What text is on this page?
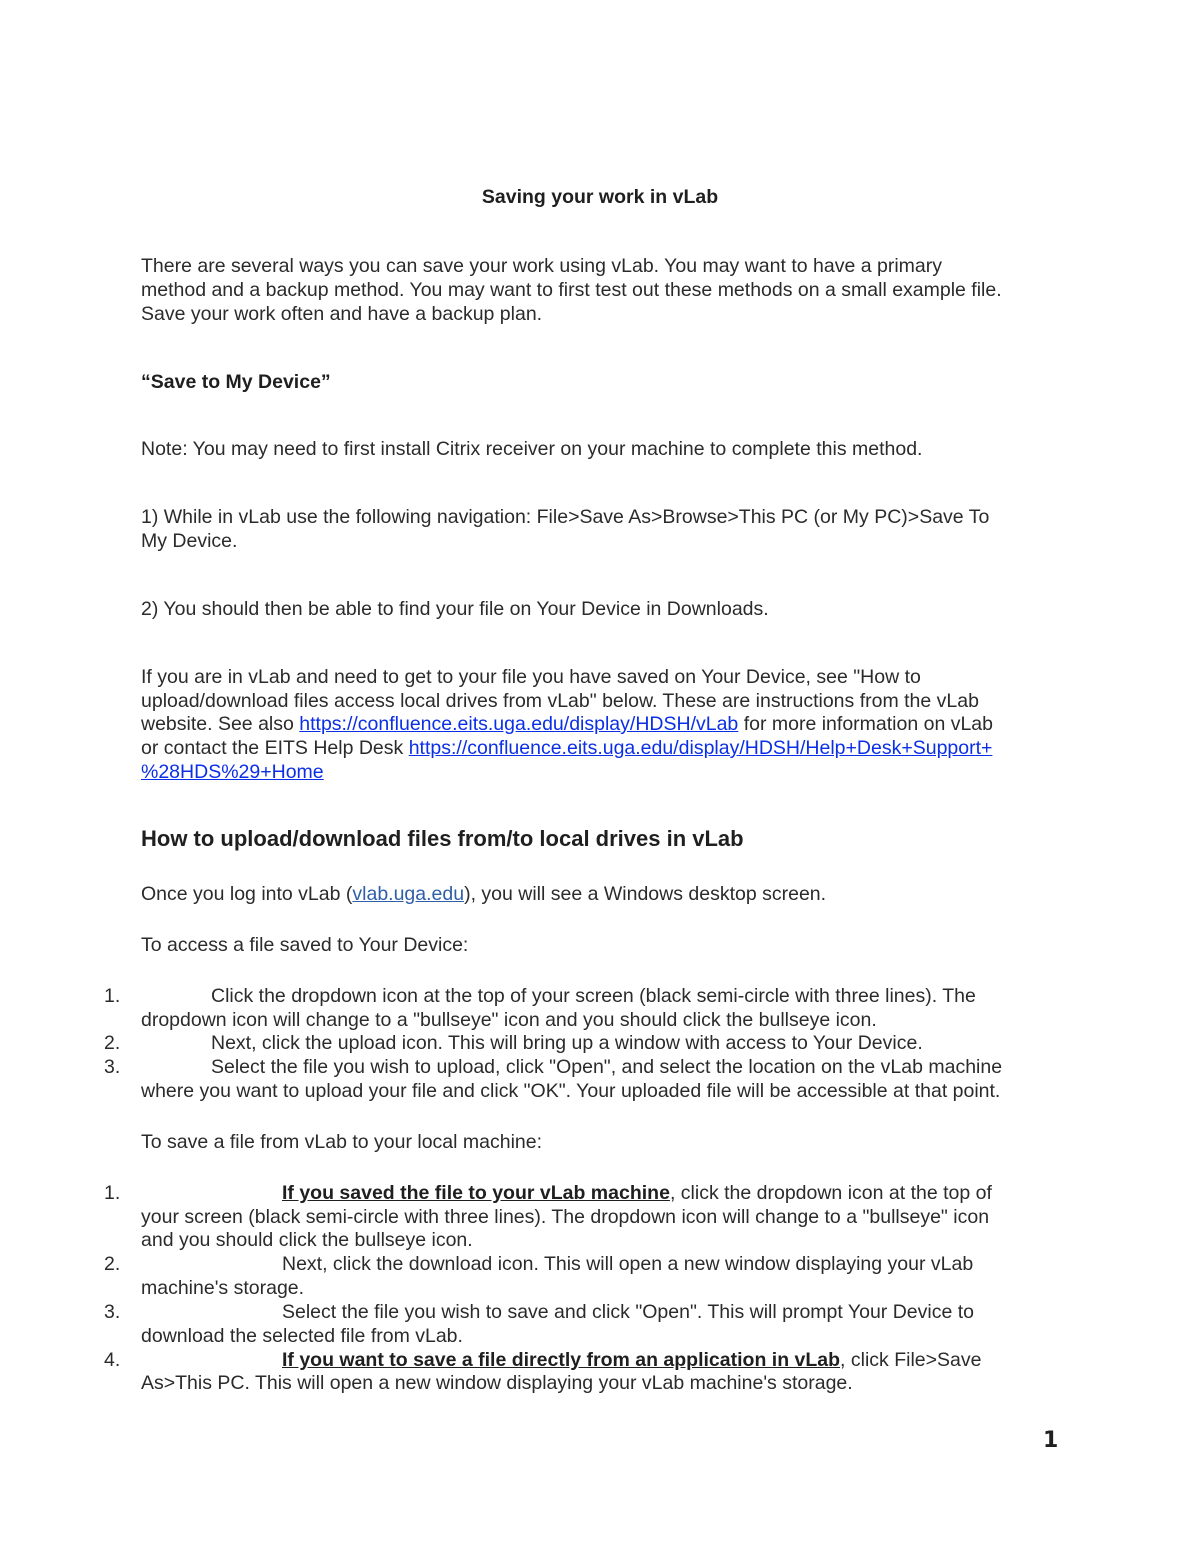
Saving your work in vLab
There are several ways you can save your work using vLab. You may want to have a primary
method and a backup method. You may want to first test out these methods on a small example file.
Save your work often and have a backup plan.
“Save to My Device”
Note: You may need to first install Citrix receiver on your machine to complete this method.
1) While in vLab use the following navigation: File>Save As>Browse>This PC (or My PC)>Save To
My Device.
2) You should then be able to find your file on Your Device in Downloads.
If you are in vLab and need to get to your file you have saved on Your Device, see "How to
upload/download files access local drives from vLab" below. These are instructions from the vLab
website. See also https://confluence.eits.uga.edu/display/HDSH/vLab for more information on vLab
or contact the EITS Help Desk https://confluence.eits.uga.edu/display/HDSH/Help+Desk+Support+
%28HDS%29+Home
How to upload/download files from/to local drives in vLab
Once you log into vLab (vlab.uga.edu), you will see a Windows desktop screen.
To access a file saved to Your Device:
1.	Click the dropdown icon at the top of your screen (black semi-circle with three lines). The
dropdown icon will change to a "bullseye" icon and you should click the bullseye icon.
2.	Next, click the upload icon. This will bring up a window with access to Your Device.
3.	Select the file you wish to upload, click "Open", and select the location on the vLab machine
where you want to upload your file and click "OK". Your uploaded file will be accessible at that point.
To save a file from vLab to your local machine:
1.	If you saved the file to your vLab machine, click the dropdown icon at the top of
your screen (black semi-circle with three lines). The dropdown icon will change to a "bullseye" icon
and you should click the bullseye icon.
2.	Next, click the download icon. This will open a new window displaying your vLab
machine's storage.
3.	Select the file you wish to save and click "Open". This will prompt Your Device to
download the selected file from vLab.
4.	If you want to save a file directly from an application in vLab, click File>Save
As>This PC. This will open a new window displaying your vLab machine's storage.
1
